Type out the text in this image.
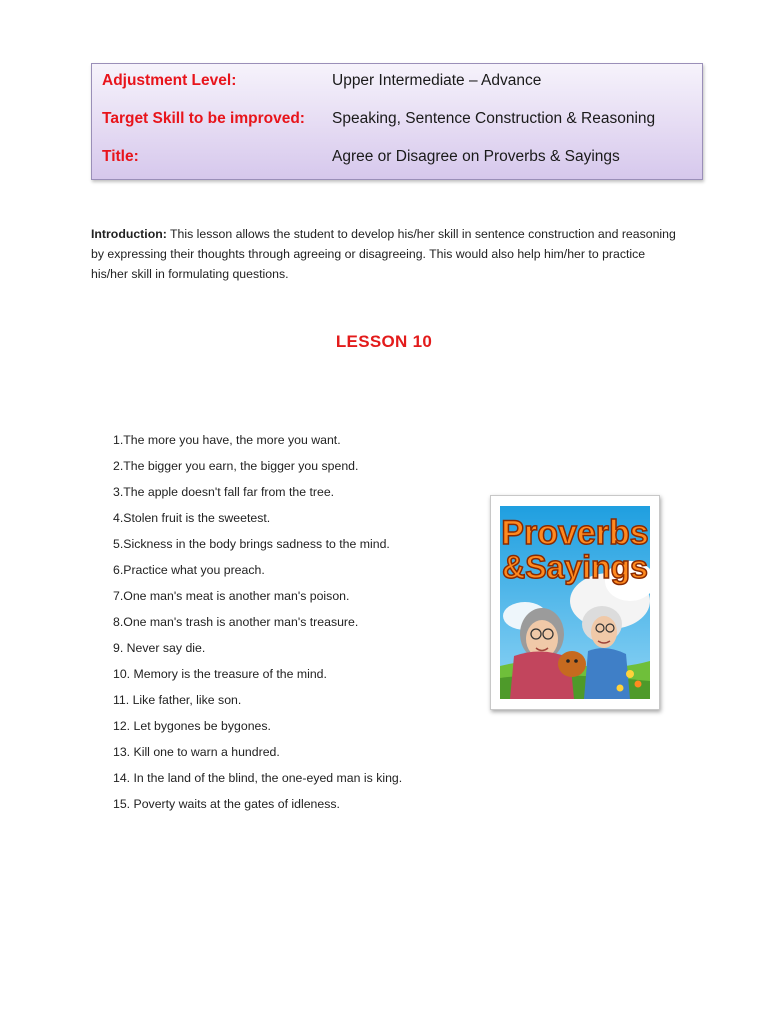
Adjustment Level:	Upper Intermediate – Advance
Target Skill to be improved: Speaking, Sentence Construction & Reasoning
Title:	Agree or Disagree on Proverbs & Sayings
Introduction: This lesson allows the student to develop his/her skill in sentence construction and reasoning by expressing their thoughts through agreeing or disagreeing. This would also help him/her to practice his/her skill in formulating questions.
LESSON 10
1.The more you have, the more you want.
2.The bigger you earn, the bigger you spend.
3.The apple doesn't fall far from the tree.
4.Stolen fruit is the sweetest.
5.Sickness in the body brings sadness to the mind.
6.Practice what you preach.
7.One man's meat is another man's poison.
8.One man's trash is another man's treasure.
9. Never say die.
10. Memory is the treasure of the mind.
11. Like father, like son.
12. Let bygones be bygones.
13. Kill one to warn a hundred.
14. In the land of the blind, the one-eyed man is king.
15. Poverty waits at the gates of idleness.
Proverbs
&Sayings
